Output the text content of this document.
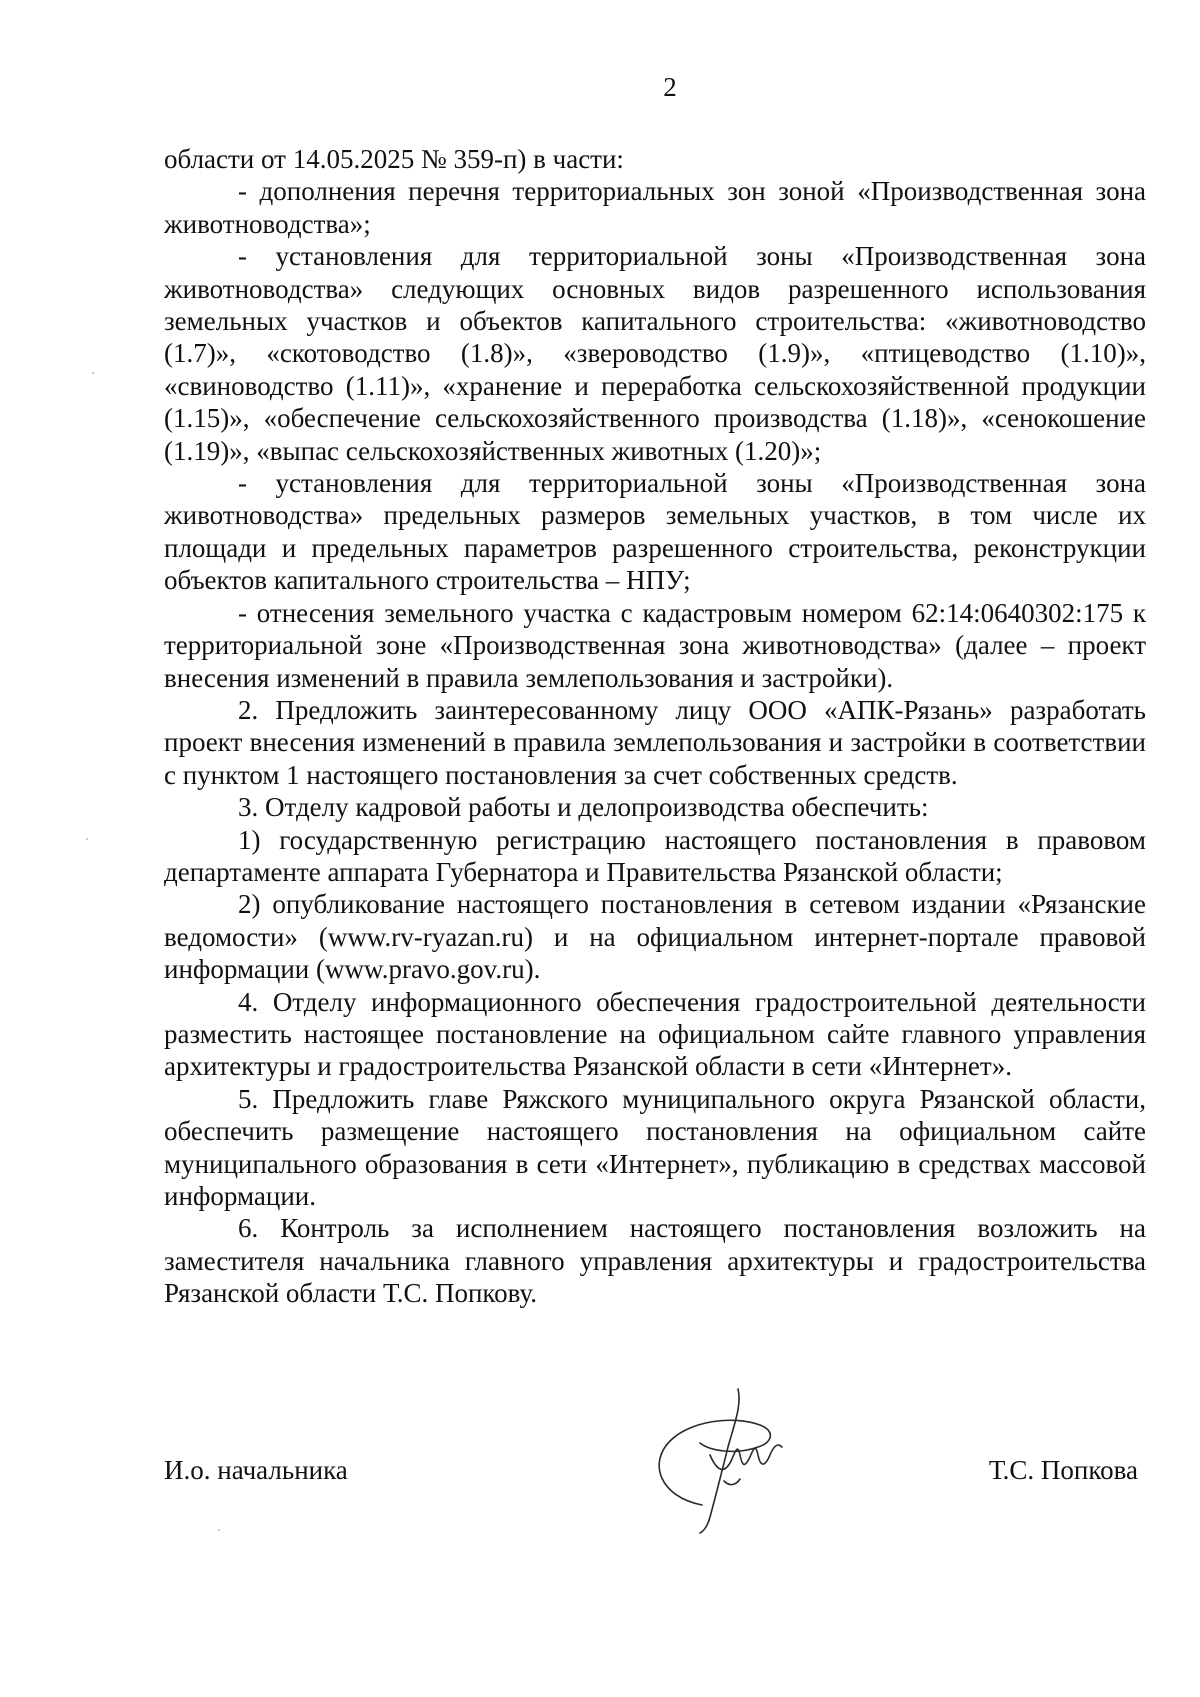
2

области от 14.05.2025 № 359-п) в части:

- дополнения перечня территориальных зон зоной «Производственная зона животноводства»;

- установления для территориальной зоны «Производственная зона животноводства» следующих основных видов разрешенного использования земельных участков и объектов капитального строительства: «животноводство (1.7)», «скотоводство (1.8)», «звероводство (1.9)», «птицеводство (1.10)», «свиноводство (1.11)», «хранение и переработка сельскохозяйственной продукции (1.15)», «обеспечение сельскохозяйственного производства (1.18)», «сенокошение (1.19)», «выпас сельскохозяйственных животных (1.20)»;

- установления для территориальной зоны «Производственная зона животноводства» предельных размеров земельных участков, в том числе их площади и предельных параметров разрешенного строительства, реконструкции объектов капитального строительства – НПУ;

- отнесения земельного участка с кадастровым номером 62:14:0640302:175 к территориальной зоне «Производственная зона животноводства» (далее – проект внесения изменений в правила землепользования и застройки).

2. Предложить заинтересованному лицу ООО «АПК-Рязань» разработать проект внесения изменений в правила землепользования и застройки в соответствии с пунктом 1 настоящего постановления за счет собственных средств.

3. Отделу кадровой работы и делопроизводства обеспечить:

1) государственную регистрацию настоящего постановления в правовом департаменте аппарата Губернатора и Правительства Рязанской области;

2) опубликование настоящего постановления в сетевом издании «Рязанские ведомости» (www.rv-ryazan.ru) и на официальном интернет-портале правовой информации (www.pravo.gov.ru).

4. Отделу информационного обеспечения градостроительной деятельности разместить настоящее постановление на официальном сайте главного управления архитектуры и градостроительства Рязанской области в сети «Интернет».

5. Предложить главе Ряжского муниципального округа Рязанской области, обеспечить размещение настоящего постановления на официальном сайте муниципального образования в сети «Интернет», публикацию в средствах массовой информации.

6. Контроль за исполнением настоящего постановления возложить на заместителя начальника главного управления архитектуры и градостроительства Рязанской области Т.С. Попкову.

И.о. начальника	Т.С. Попкова
